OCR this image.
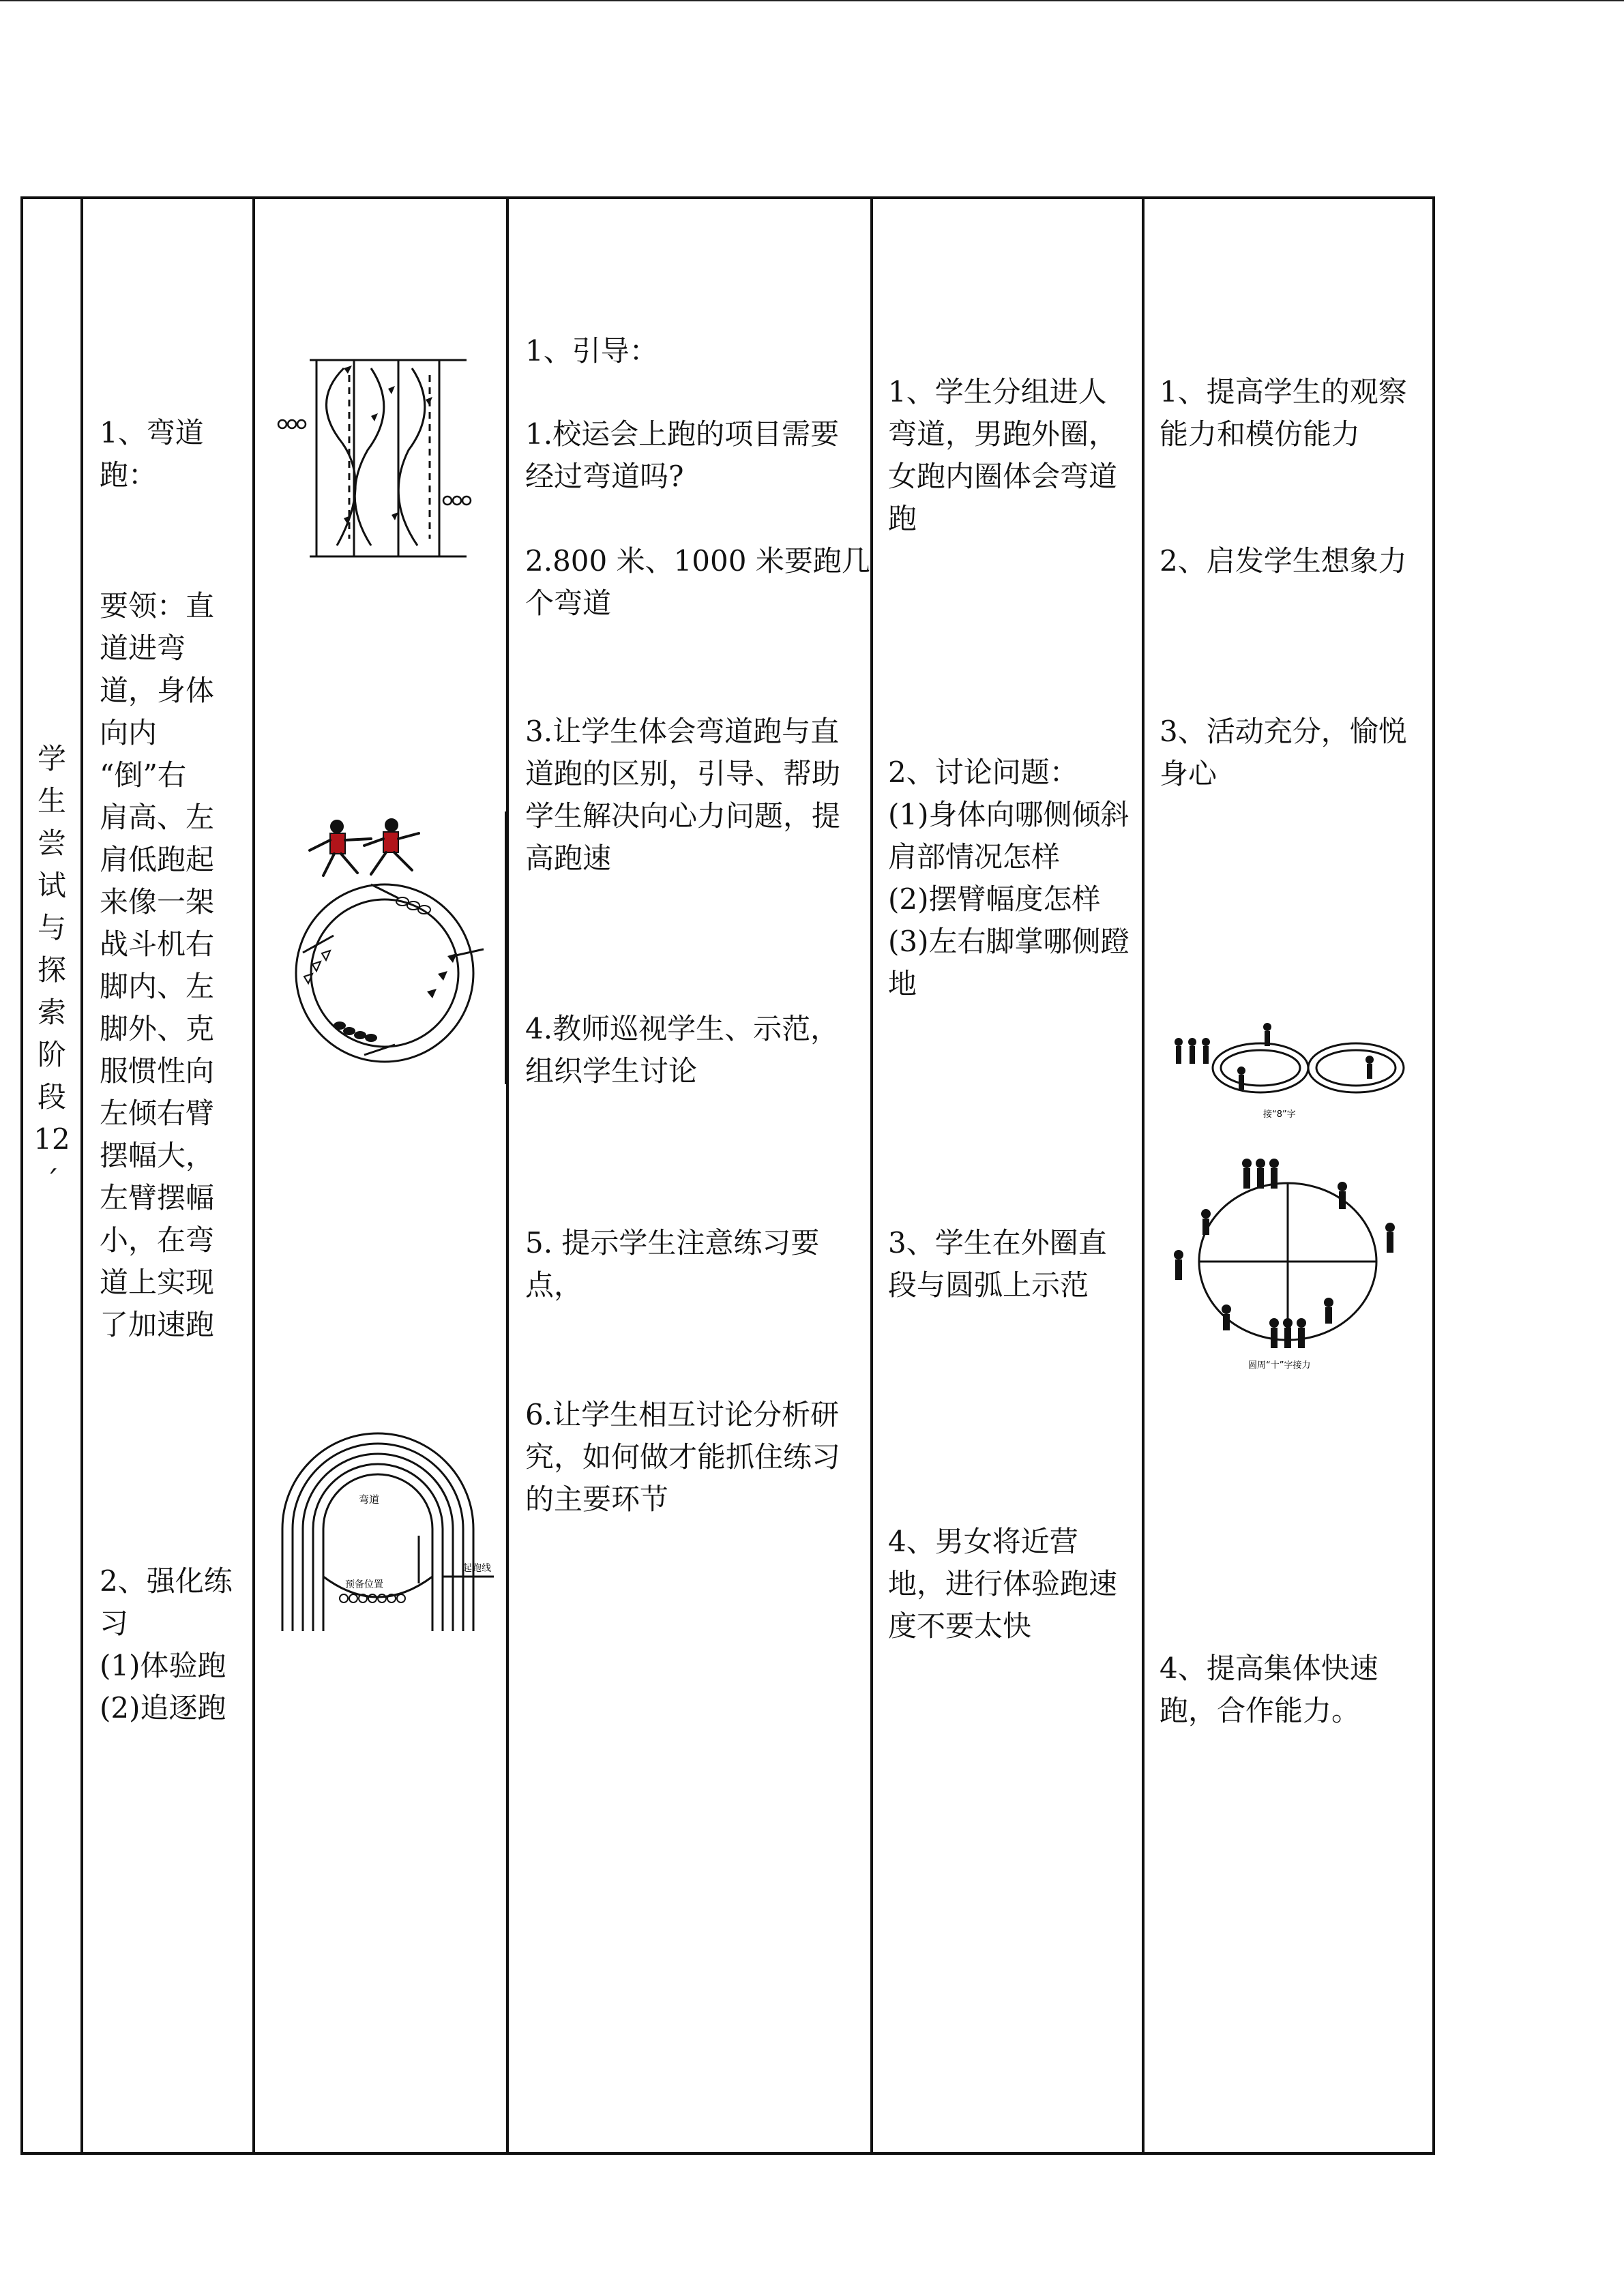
学
生
尝
试
与
探
索
阶
段
12
´

1、弯道
跑：
要领：直
道进弯
道，身体
向内
“倒”右
肩高、左
肩低跑起
来像一架
战斗机右
脚内、左
脚外、克
服惯性向
左倾右臂
摆幅大，
左臂摆幅
小，在弯
道上实现
了加速跑
2、强化练
习
(1)体验跑
(2)追逐跑

弯道
预备位置
起跑线

1、引导：
1.校运会上跑的项目需要
经过弯道吗?
2.800 米、1000 米要跑几
个弯道
3.让学生体会弯道跑与直
道跑的区别，引导、帮助
学生解决向心力问题，提
高跑速
4.教师巡视学生、示范，
组织学生讨论
5. 提示学生注意练习要
点，
6.让学生相互讨论分析研
究，如何做才能抓住练习
的主要环节

1、学生分组进人
弯道，男跑外圈，
女跑内圈体会弯道
跑
2、讨论问题：
(1)身体向哪侧倾斜
肩部情况怎样
(2)摆臂幅度怎样
(3)左右脚掌哪侧蹬
地
3、学生在外圈直
段与圆弧上示范
4、男女将近营
地，进行体验跑速
度不要太快

1、提高学生的观察
能力和模仿能力
2、启发学生想象力
3、活动充分，愉悦
身心
接“8”字
圆周“十”字接力
4、提高集体快速
跑，合作能力。
